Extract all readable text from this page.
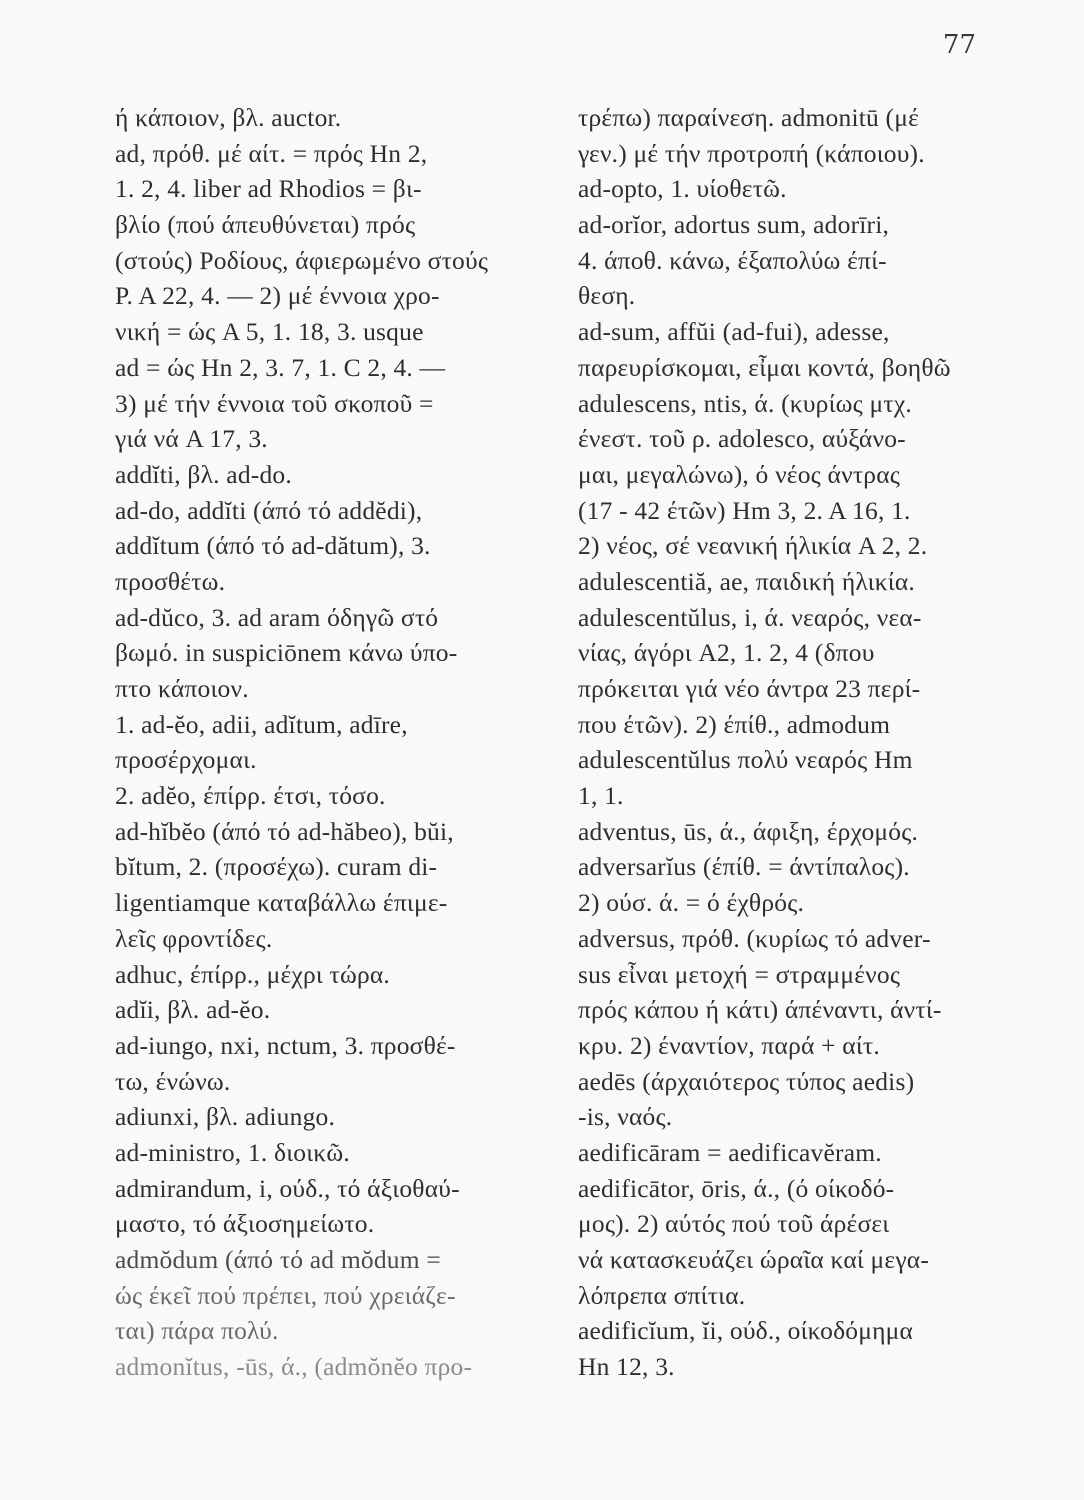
77
ή κάποιον, βλ. auctor.
ad, πρόθ. μέ αίτ. = πρός Hn 2,
1. 2, 4. liber ad Rhodios = βι-
βλίο (πού άπευθύνεται) πρός
(στούς) Ροδίους, άφιερωμένο στούς
P. A 22, 4. — 2) μέ έννοια χρο-
νική = ώς A 5, 1. 18, 3. usque
ad = ώς Hn 2, 3. 7, 1. C 2, 4. —
3) μέ τήν έννοια τοῦ σκοποῦ =
γιά νά A 17, 3.
addĭti, βλ. ad-do.
ad-do, addĭti (άπό τό addĕdi),
addĭtum (άπό τό ad-dătum), 3.
προσθέτω.
ad-dŭco, 3. ad aram όδηγῶ στό
βωμό. in suspiciōnem κάνω ύπο-
πτο κάποιον.
1. ad-ĕo, adii, adĭtum, adīre,
προσέρχομαι.
2. adĕo, έπίρρ. έτσι, τόσο.
ad-hĭbĕo (άπό τό ad-hăbeo), bŭi,
bĭtum, 2. (προσέχω). curam di-
ligentiamque καταβάλλω έπιμε-
λεῖς φροντίδες.
adhuc, έπίρρ., μέχρι τώρα.
adĭi, βλ. ad-ĕo.
ad-iungo, nxi, nctum, 3. προσθέ-
τω, ένώνω.
adiunxi, βλ. adiungo.
ad-ministro, 1. διοικῶ.
admirandum, i, ούδ., τό άξιοθαύ-
μαστο, τό άξιοσημείωτο.
admŏdum (άπό τό ad mŏdum =
ώς έκεῖ πού πρέπει, πού χρειάζε-
ται) πάρα πολύ.
admonĭtus, -ūs, ά., (admŏnĕo προ-
τρέπω) παραίνεση. admonitū (μέ
γεν.) μέ τήν προτροπή (κάποιου).
ad-opto, 1. υίοθετῶ.
ad-orĭor, adortus sum, adorīri,
4. άποθ. κάνω, έξαπολύω έπί-
θεση.
ad-sum, affŭi (ad-fui), adesse,
παρευρίσκομαι, εἶμαι κοντά, βοηθῶ
adulescens, ntis, ά. (κυρίως μτχ.
ένεστ. τοῦ ρ. adolesco, αύξάνο-
μαι, μεγαλώνω), ό νέος άντρας
(17 - 42 έτῶν) Hm 3, 2. A 16, 1.
2) νέος, σέ νεανική ήλικία A 2, 2.
adulescentiă, ae, παιδική ήλικία.
adulescentŭlus, i, ά. νεαρός, νεα-
νίας, άγόρι A2, 1. 2, 4 (δπου
πρόκειται γιά νέο άντρα 23 περί-
που έτῶν). 2) έπίθ., admodum
adulescentŭlus πολύ νεαρός Hm
1, 1.
adventus, ūs, ά., άφιξη, έρχομός.
adversarĭus (έπίθ. = άντίπαλος).
2) ούσ. ά. = ό έχθρός.
adversus, πρόθ. (κυρίως τό adver-
sus εἶναι μετοχή = στραμμένος
πρός κάπου ή κάτι) άπέναντι, άντί-
κρυ. 2) έναντίον, παρά + αίτ.
aedēs (άρχαιότερος τύπος aedis)
-is, ναός.
aedificāram = aedificavĕram.
aedificātor, ōris, ά., (ό οίκοδό-
μος). 2) αύτός πού τοῦ άρέσει
νά κατασκευάζει ώραῖα καί μεγα-
λόπρεπα σπίτια.
aedificĭum, ĭi, ούδ., οίκοδόμημα
Hn 12, 3.
